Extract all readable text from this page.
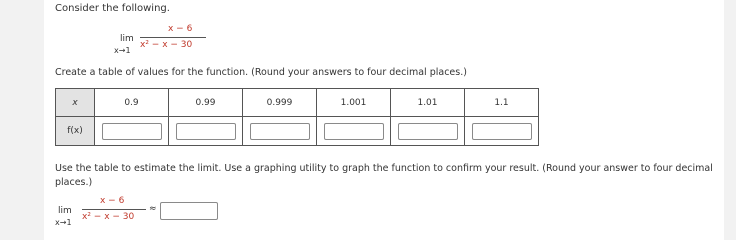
Consider the following.
x − 6
lim
x→1
x² − x − 30
Create a table of values for the function. (Round your answers to four decimal places.)
x	0.9	0.99	0.999	1.001	1.01	1.1
f(x)						
Use the table to estimate the limit. Use a graphing utility to graph the function to confirm your result. (Round your answer to four decimal places.)
x − 6
lim
x→1
x² − x − 30
≈
